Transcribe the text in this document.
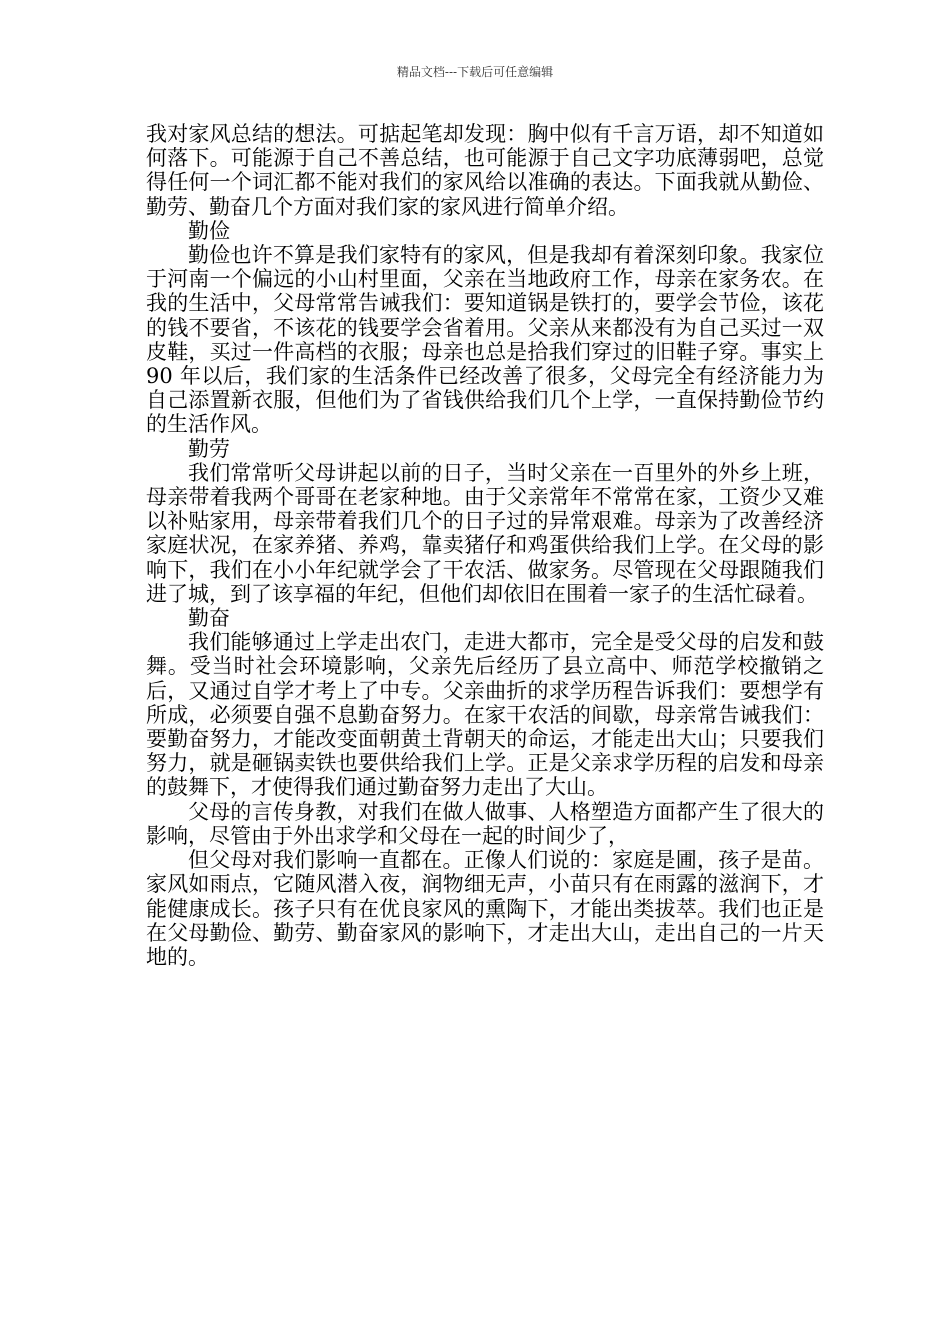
精品文档---下载后可任意编辑

我对家风总结的想法。可掂起笔却发现：胸中似有千言万语，却不知道如何落下。可能源于自己不善总结，也可能源于自己文字功底薄弱吧，总觉得任何一个词汇都不能对我们的家风给以准确的表达。下面我就从勤俭、勤劳、勤奋几个方面对我们家的家风进行简单介绍。

勤俭

勤俭也许不算是我们家特有的家风，但是我却有着深刻印象。我家位于河南一个偏远的小山村里面，父亲在当地政府工作，母亲在家务农。在我的生活中，父母常常告诫我们：要知道锅是铁打的，要学会节俭，该花的钱不要省，不该花的钱要学会省着用。父亲从来都没有为自己买过一双皮鞋，买过一件高档的衣服；母亲也总是拾我们穿过的旧鞋子穿。事实上 90 年以后，我们家的生活条件已经改善了很多，父母完全有经济能力为自己添置新衣服，但他们为了省钱供给我们几个上学，一直保持勤俭节约的生活作风。

勤劳

我们常常听父母讲起以前的日子，当时父亲在一百里外的外乡上班，母亲带着我两个哥哥在老家种地。由于父亲常年不常常在家，工资少又难以补贴家用，母亲带着我们几个的日子过的异常艰难。母亲为了改善经济家庭状况，在家养猪、养鸡，靠卖猪仔和鸡蛋供给我们上学。在父母的影响下，我们在小小年纪就学会了干农活、做家务。尽管现在父母跟随我们进了城，到了该享福的年纪，但他们却依旧在围着一家子的生活忙碌着。

勤奋

我们能够通过上学走出农门，走进大都市，完全是受父母的启发和鼓舞。受当时社会环境影响，父亲先后经历了县立高中、师范学校撤销之后，又通过自学才考上了中专。父亲曲折的求学历程告诉我们：要想学有所成，必须要自强不息勤奋努力。在家干农活的间歇，母亲常告诫我们：要勤奋努力，才能改变面朝黄土背朝天的命运，才能走出大山；只要我们努力，就是砸锅卖铁也要供给我们上学。正是父亲求学历程的启发和母亲的鼓舞下，才使得我们通过勤奋努力走出了大山。

父母的言传身教，对我们在做人做事、人格塑造方面都产生了很大的影响，尽管由于外出求学和父母在一起的时间少了，

但父母对我们影响一直都在。正像人们说的：家庭是圃，孩子是苗。家风如雨点，它随风潜入夜，润物细无声，小苗只有在雨露的滋润下，才能健康成长。孩子只有在优良家风的熏陶下，才能出类拔萃。我们也正是在父母勤俭、勤劳、勤奋家风的影响下，才走出大山，走出自己的一片天地的。
